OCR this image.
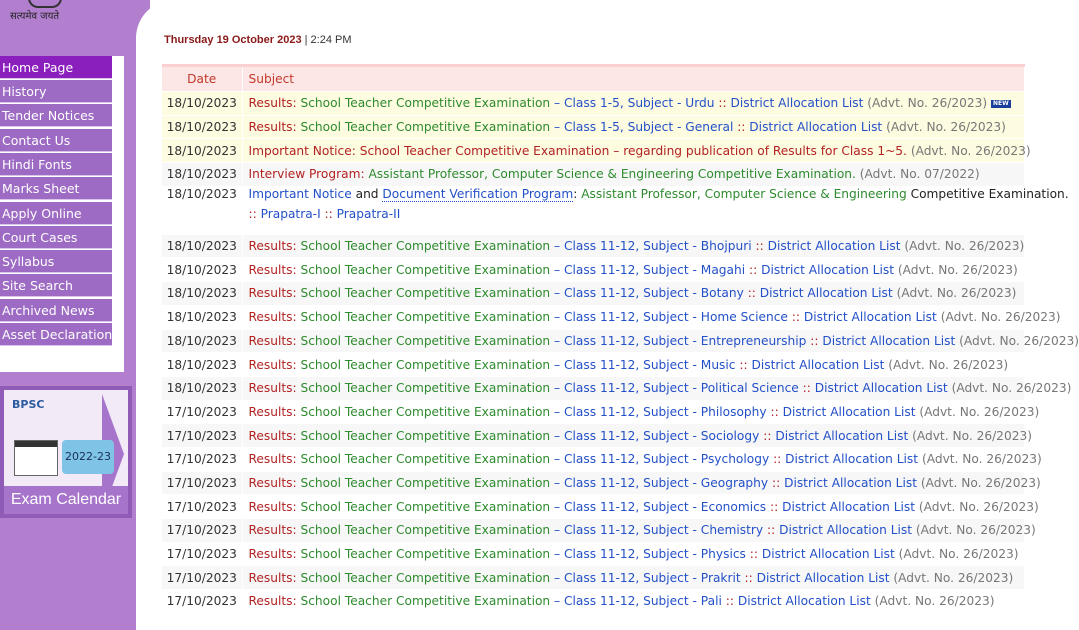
सत्यमेव जयते
Home Page
History
Tender Notices
Contact Us
Hindi Fonts
Marks Sheet
Apply Online
Court Cases
Syllabus
Site Search
Archived News
Asset Declaration
BPSC
2022-23
Exam Calendar
Thursday 19 October 2023 | 2:24 PM
Date	Subject
18/10/2023	Results: School Teacher Competitive Examination – Class 1-5, Subject - Urdu :: District Allocation List (Advt. No. 26/2023) NEW
18/10/2023	Results: School Teacher Competitive Examination – Class 1-5, Subject - General :: District Allocation List (Advt. No. 26/2023)
18/10/2023	Important Notice: School Teacher Competitive Examination – regarding publication of Results for Class 1~5. (Advt. No. 26/2023)
18/10/2023	Interview Program: Assistant Professor, Computer Science & Engineering Competitive Examination. (Advt. No. 07/2022)
18/10/2023	Important Notice and Document Verification Program: Assistant Professor, Computer Science & Engineering Competitive Examination.
:: Prapatra-I :: Prapatra-II

18/10/2023	Results: School Teacher Competitive Examination – Class 11-12, Subject - Bhojpuri :: District Allocation List (Advt. No. 26/2023)
18/10/2023	Results: School Teacher Competitive Examination – Class 11-12, Subject - Magahi :: District Allocation List (Advt. No. 26/2023)
18/10/2023	Results: School Teacher Competitive Examination – Class 11-12, Subject - Botany :: District Allocation List (Advt. No. 26/2023)
18/10/2023	Results: School Teacher Competitive Examination – Class 11-12, Subject - Home Science :: District Allocation List (Advt. No. 26/2023)
18/10/2023	Results: School Teacher Competitive Examination – Class 11-12, Subject - Entrepreneurship :: District Allocation List (Advt. No. 26/2023)
18/10/2023	Results: School Teacher Competitive Examination – Class 11-12, Subject - Music :: District Allocation List (Advt. No. 26/2023)
18/10/2023	Results: School Teacher Competitive Examination – Class 11-12, Subject - Political Science :: District Allocation List (Advt. No. 26/2023)
17/10/2023	Results: School Teacher Competitive Examination – Class 11-12, Subject - Philosophy :: District Allocation List (Advt. No. 26/2023)
17/10/2023	Results: School Teacher Competitive Examination – Class 11-12, Subject - Sociology :: District Allocation List (Advt. No. 26/2023)
17/10/2023	Results: School Teacher Competitive Examination – Class 11-12, Subject - Psychology :: District Allocation List (Advt. No. 26/2023)
17/10/2023	Results: School Teacher Competitive Examination – Class 11-12, Subject - Geography :: District Allocation List (Advt. No. 26/2023)
17/10/2023	Results: School Teacher Competitive Examination – Class 11-12, Subject - Economics :: District Allocation List (Advt. No. 26/2023)
17/10/2023	Results: School Teacher Competitive Examination – Class 11-12, Subject - Chemistry :: District Allocation List (Advt. No. 26/2023)
17/10/2023	Results: School Teacher Competitive Examination – Class 11-12, Subject - Physics :: District Allocation List (Advt. No. 26/2023)
17/10/2023	Results: School Teacher Competitive Examination – Class 11-12, Subject - Prakrit :: District Allocation List (Advt. No. 26/2023)
17/10/2023	Results: School Teacher Competitive Examination – Class 11-12, Subject - Pali :: District Allocation List (Advt. No. 26/2023)
